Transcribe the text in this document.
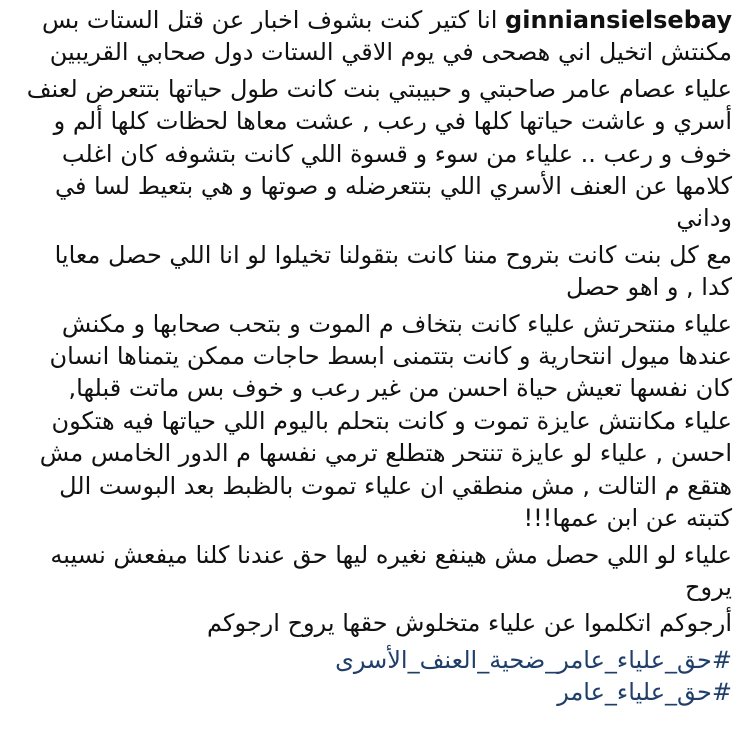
ginniansielsebay انا كتير كنت بشوف اخبار عن قتل الستات بس مكنتش اتخيل اني هصحى في يوم الاقي الستات دول صحابي القريبين

علياء عصام عامر صاحبتي و حبيبتي بنت كانت طول حياتها بتتعرض لعنف أسري و عاشت حياتها كلها في رعب , عشت معاها لحظات كلها ألم و خوف و رعب .. علياء من سوء و قسوة اللي كانت بتشوفه كان اغلب كلامها عن العنف الأسري اللي بتتعرضله و صوتها و هي بتعيط لسا في وداني

مع كل بنت كانت بتروح مننا كانت بتقولنا تخيلوا لو انا اللي حصل معايا كدا , و اهو حصل

علياء منتحرتش علياء كانت بتخاف م الموت و بتحب صحابها و مكنش عندها ميول انتحارية و كانت بتتمنى ابسط حاجات ممكن يتمناها انسان كان نفسها تعيش حياة احسن من غير رعب و خوف بس ماتت قبلها, علياء مكانتش عايزة تموت و كانت بتحلم باليوم اللي حياتها فيه هتكون احسن , علياء لو عايزة تنتحر هتطلع ترمي نفسها م الدور الخامس مش هتقع م التالت , مش منطقي ان علياء تموت بالظبط بعد البوست الل كتبته عن ابن عمها!!!

علياء لو اللي حصل مش هينفع نغيره ليها حق عندنا كلنا ميفعش نسيبه يروح

أرجوكم اتكلموا عن علياء متخلوش حقها يروح ارجوكم

#حق_علياء_عامر_ضحية_العنف_الأسرى

#حق_علياء_عامر
